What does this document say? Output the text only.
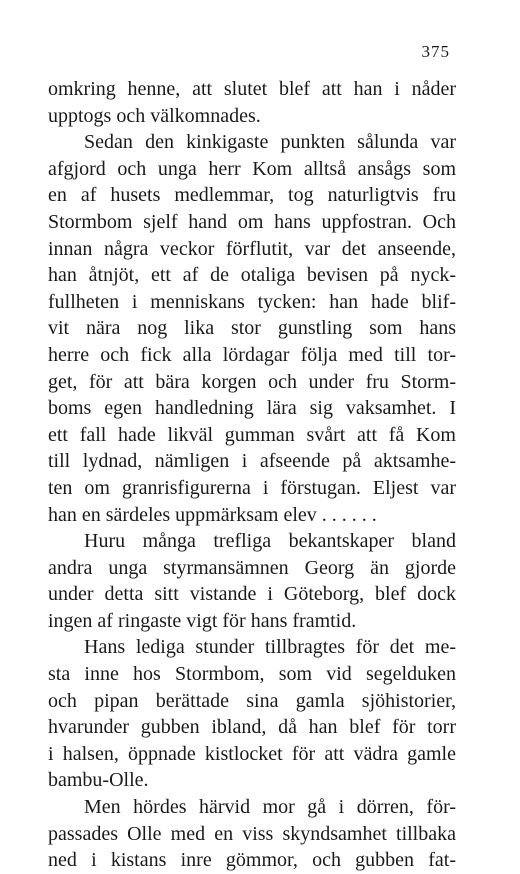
375

omkring henne, att slutet blef att han i nåder
upptogs och välkomnades.
Sedan den kinkigaste punkten sålunda var
afgjord och unga herr Kom alltså ansågs som
en af husets medlemmar, tog naturligtvis fru
Stormbom sjelf hand om hans uppfostran. Och
innan några veckor förflutit, var det anseende,
han åtnjöt, ett af de otaliga bevisen på nyck-
fullheten i menniskans tycken: han hade blif-
vit nära nog lika stor gunstling som hans
herre och fick alla lördagar följa med till tor-
get, för att bära korgen och under fru Storm-
boms egen handledning lära sig vaksamhet. I
ett fall hade likväl gumman svårt att få Kom
till lydnad, nämligen i afseende på aktsamhe-
ten om granrisfigurerna i förstugan. Eljest var
han en särdeles uppmärksam elev . . . . . .
Huru många trefliga bekantskaper bland
andra unga styrmansämnen Georg än gjorde
under detta sitt vistande i Göteborg, blef dock
ingen af ringaste vigt för hans framtid.
Hans lediga stunder tillbragtes för det me-
sta inne hos Stormbom, som vid segelduken
och pipan berättade sina gamla sjöhistorier,
hvarunder gubben ibland, då han blef för torr
i halsen, öppnade kistlocket för att vädra gamle
bambu-Olle.
Men hördes härvid mor gå i dörren, för-
passades Olle med en viss skyndsamhet tillbaka
ned i kistans inre gömmor, och gubben fat-
